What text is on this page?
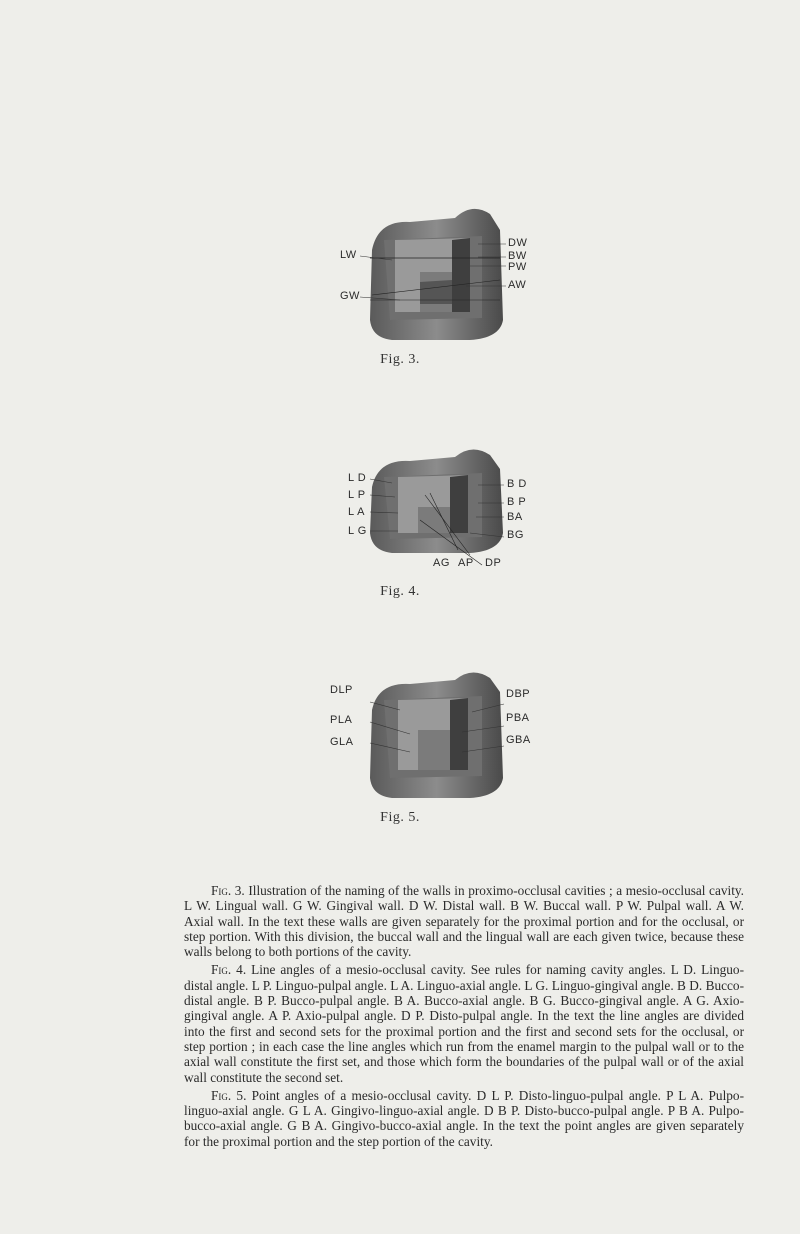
LW
GW
DW
BW
PW
AW
Fig. 3.
L D
L P
L A
L G
B D
B P
BA
BG
AG AP DP
Fig. 4.
DLP
PLA
GLA
DBP
PBA
GBA
Fig. 5.

Fig. 3. Illustration of the naming of the walls in proximo-occlusal cavities ; a mesio-occlusal cavity. L W. Lingual wall. G W. Gingival wall. D W. Distal wall. B W. Buccal wall. P W. Pulpal wall. A W. Axial wall. In the text these walls are given separately for the proximal portion and for the occlusal, or step portion. With this division, the buccal wall and the lingual wall are each given twice, because these walls belong to both portions of the cavity.

Fig. 4. Line angles of a mesio-occlusal cavity. See rules for naming cavity angles. L D. Linguo-distal angle. L P. Linguo-pulpal angle. L A. Linguo-axial angle. L G. Linguo-gingival angle. B D. Bucco-distal angle. B P. Bucco-pulpal angle. B A. Bucco-axial angle. B G. Bucco-gingival angle. A G. Axio-gingival angle. A P. Axio-pulpal angle. D P. Disto-pulpal angle. In the text the line angles are divided into the first and second sets for the proximal portion and the first and second sets for the occlusal, or step portion ; in each case the line angles which run from the enamel margin to the pulpal wall or to the axial wall constitute the first set, and those which form the boundaries of the pulpal wall or of the axial wall constitute the second set.

Fig. 5. Point angles of a mesio-occlusal cavity. D L P. Disto-linguo-pulpal angle. P L A. Pulpo-linguo-axial angle. G L A. Gingivo-linguo-axial angle. D B P. Disto-bucco-pulpal angle. P B A. Pulpo-bucco-axial angle. G B A. Gingivo-bucco-axial angle. In the text the point angles are given separately for the proximal portion and the step portion of the cavity.
